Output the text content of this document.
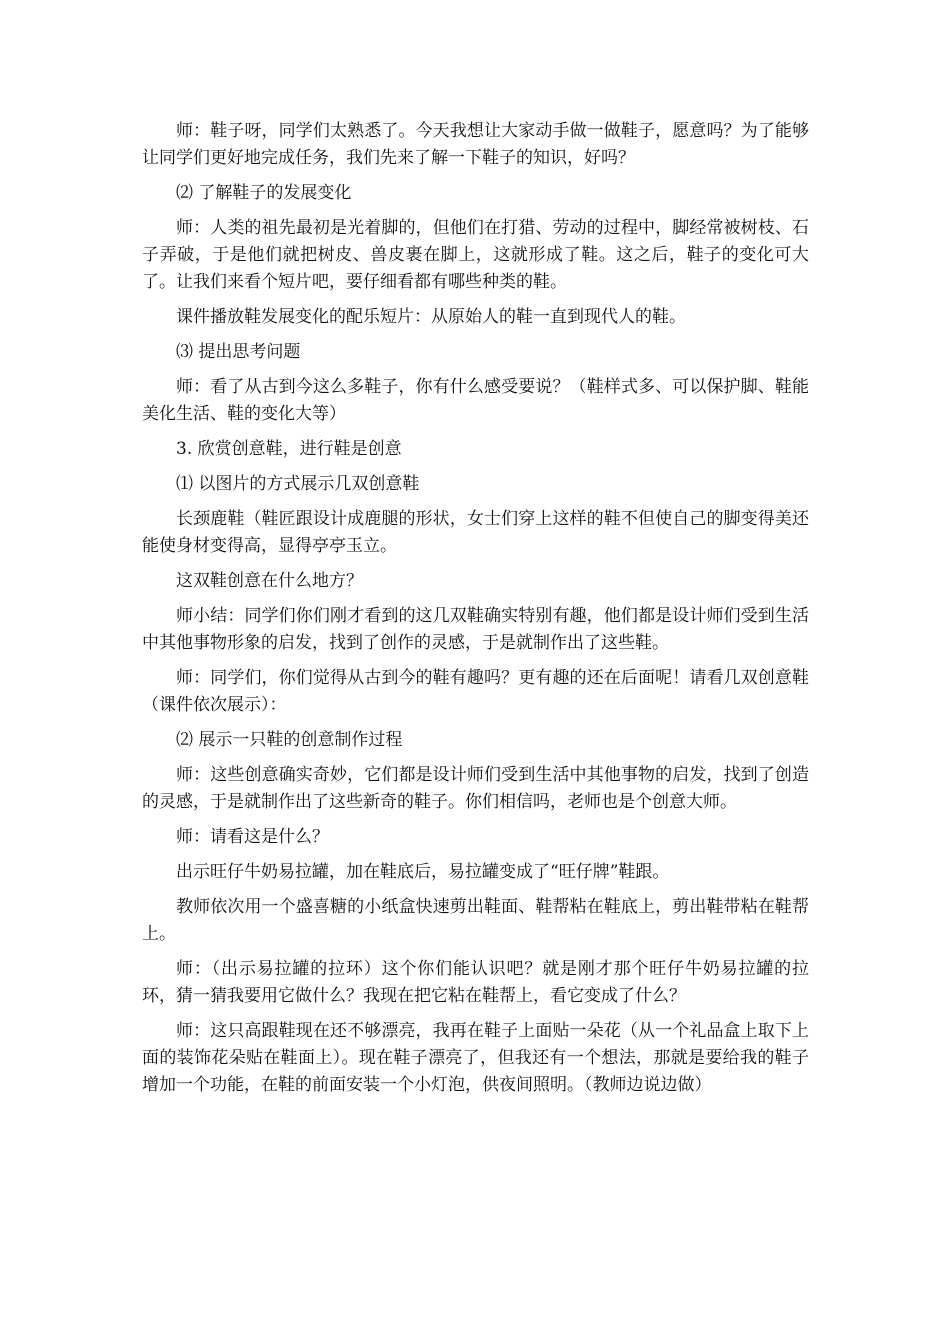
师：鞋子呀，同学们太熟悉了。今天我想让大家动手做一做鞋子，愿意吗？为了能够让同学们更好地完成任务，我们先来了解一下鞋子的知识，好吗？

⑵ 了解鞋子的发展变化

师：人类的祖先最初是光着脚的，但他们在打猎、劳动的过程中，脚经常被树枝、石子弄破，于是他们就把树皮、兽皮裹在脚上，这就形成了鞋。这之后，鞋子的变化可大了。让我们来看个短片吧，要仔细看都有哪些种类的鞋。

课件播放鞋发展变化的配乐短片：从原始人的鞋一直到现代人的鞋。

⑶ 提出思考问题

师：看了从古到今这么多鞋子，你有什么感受要说？（鞋样式多、可以保护脚、鞋能美化生活、鞋的变化大等）

3. 欣赏创意鞋，进行鞋是创意

⑴ 以图片的方式展示几双创意鞋

长颈鹿鞋（鞋匠跟设计成鹿腿的形状，女士们穿上这样的鞋不但使自己的脚变得美还能使身材变得高，显得亭亭玉立。

这双鞋创意在什么地方？

师小结：同学们你们刚才看到的这几双鞋确实特别有趣，他们都是设计师们受到生活中其他事物形象的启发，找到了创作的灵感，于是就制作出了这些鞋。

师：同学们，你们觉得从古到今的鞋有趣吗？更有趣的还在后面呢！请看几双创意鞋（课件依次展示）：

⑵ 展示一只鞋的创意制作过程

师：这些创意确实奇妙，它们都是设计师们受到生活中其他事物的启发，找到了创造的灵感，于是就制作出了这些新奇的鞋子。你们相信吗，老师也是个创意大师。

师：请看这是什么？

出示旺仔牛奶易拉罐，加在鞋底后，易拉罐变成了“旺仔牌”鞋跟。

教师依次用一个盛喜糖的小纸盒快速剪出鞋面、鞋帮粘在鞋底上，剪出鞋带粘在鞋帮上。

师：（出示易拉罐的拉环）这个你们能认识吧？就是刚才那个旺仔牛奶易拉罐的拉环，猜一猜我要用它做什么？我现在把它粘在鞋帮上，看它变成了什么？

师：这只高跟鞋现在还不够漂亮，我再在鞋子上面贴一朵花（从一个礼品盒上取下上面的装饰花朵贴在鞋面上）。现在鞋子漂亮了，但我还有一个想法，那就是要给我的鞋子增加一个功能，在鞋的前面安装一个小灯泡，供夜间照明。（教师边说边做）
